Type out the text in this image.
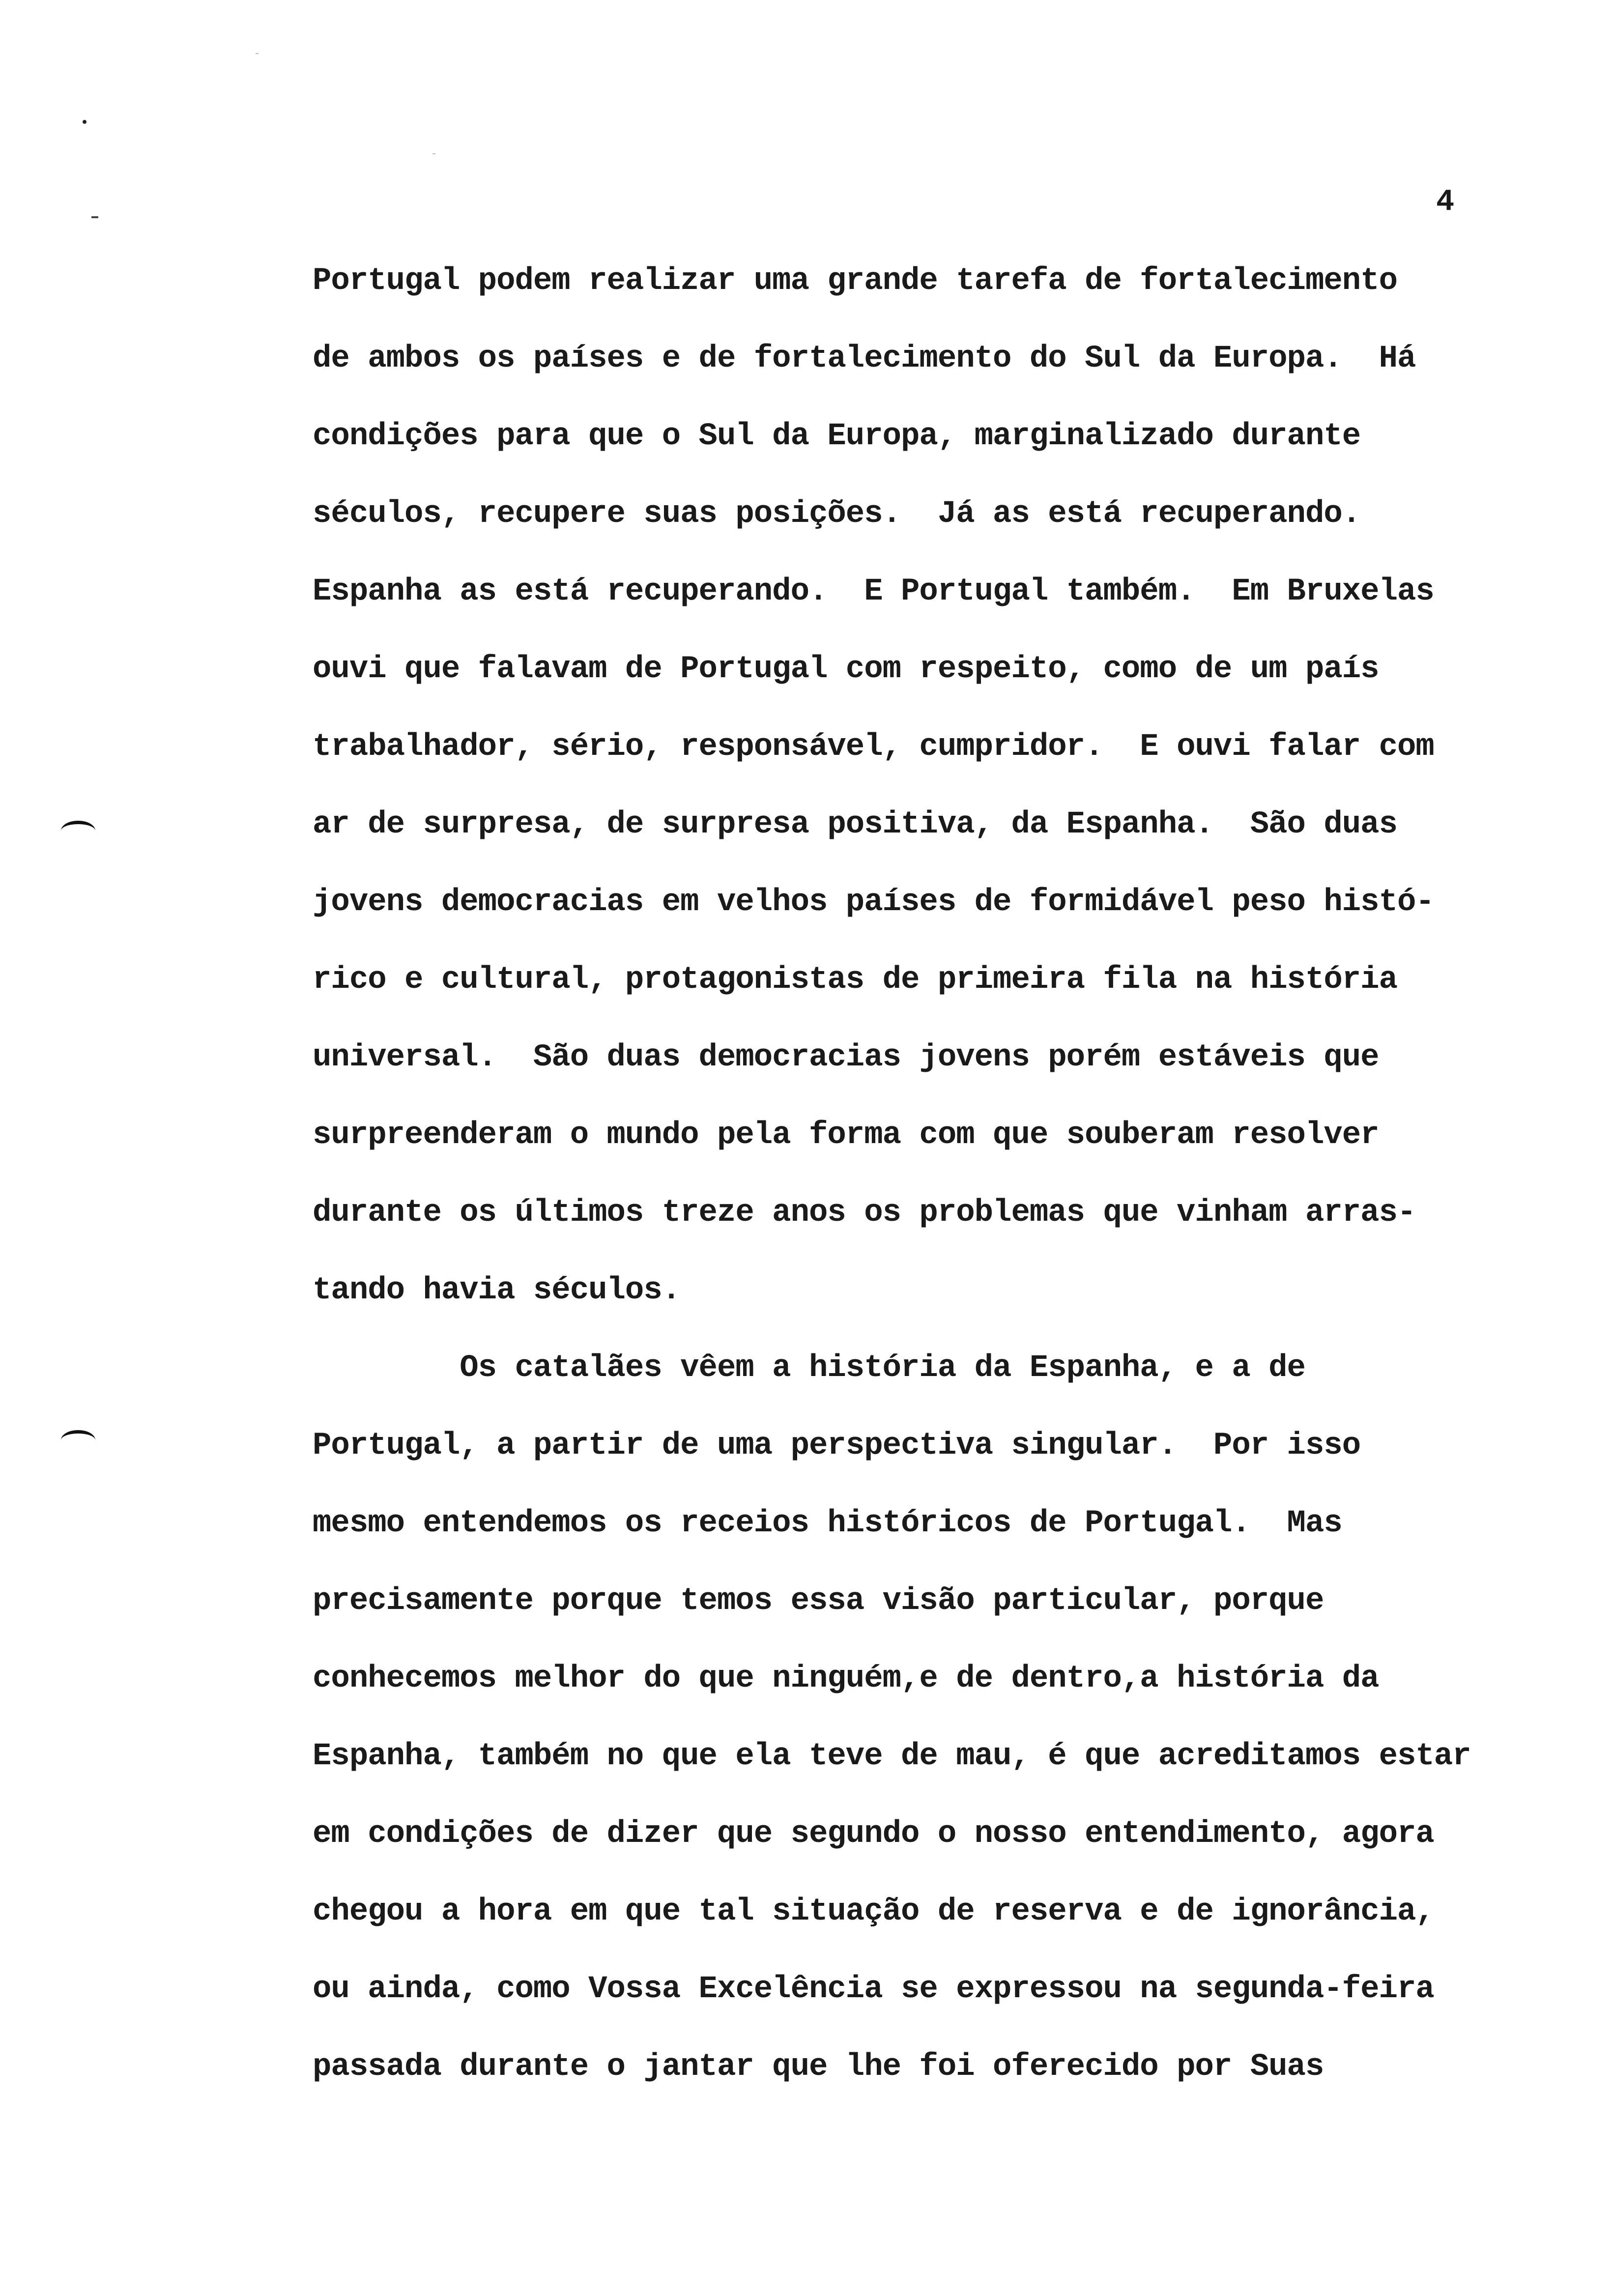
4
Portugal podem realizar uma grande tarefa de fortalecimento
de ambos os países e de fortalecimento do Sul da Europa.  Há
condições para que o Sul da Europa, marginalizado durante
séculos, recupere suas posições.  Já as está recuperando.
Espanha as está recuperando.  E Portugal também.  Em Bruxelas
ouvi que falavam de Portugal com respeito, como de um país
trabalhador, sério, responsável, cumpridor.  E ouvi falar com
ar de surpresa, de surpresa positiva, da Espanha.  São duas
jovens democracias em velhos países de formidável peso histó-
rico e cultural, protagonistas de primeira fila na história
universal.  São duas democracias jovens porém estáveis que
surpreenderam o mundo pela forma com que souberam resolver
durante os últimos treze anos os problemas que vinham arras-
tando havia séculos.
Os catalães vêem a história da Espanha, e a de
Portugal, a partir de uma perspectiva singular.  Por isso
mesmo entendemos os receios históricos de Portugal.  Mas
precisamente porque temos essa visão particular, porque
conhecemos melhor do que ninguém,e de dentro,a história da
Espanha, também no que ela teve de mau, é que acreditamos estar
em condições de dizer que segundo o nosso entendimento, agora
chegou a hora em que tal situação de reserva e de ignorância,
ou ainda, como Vossa Excelência se expressou na segunda-feira
passada durante o jantar que lhe foi oferecido por Suas
